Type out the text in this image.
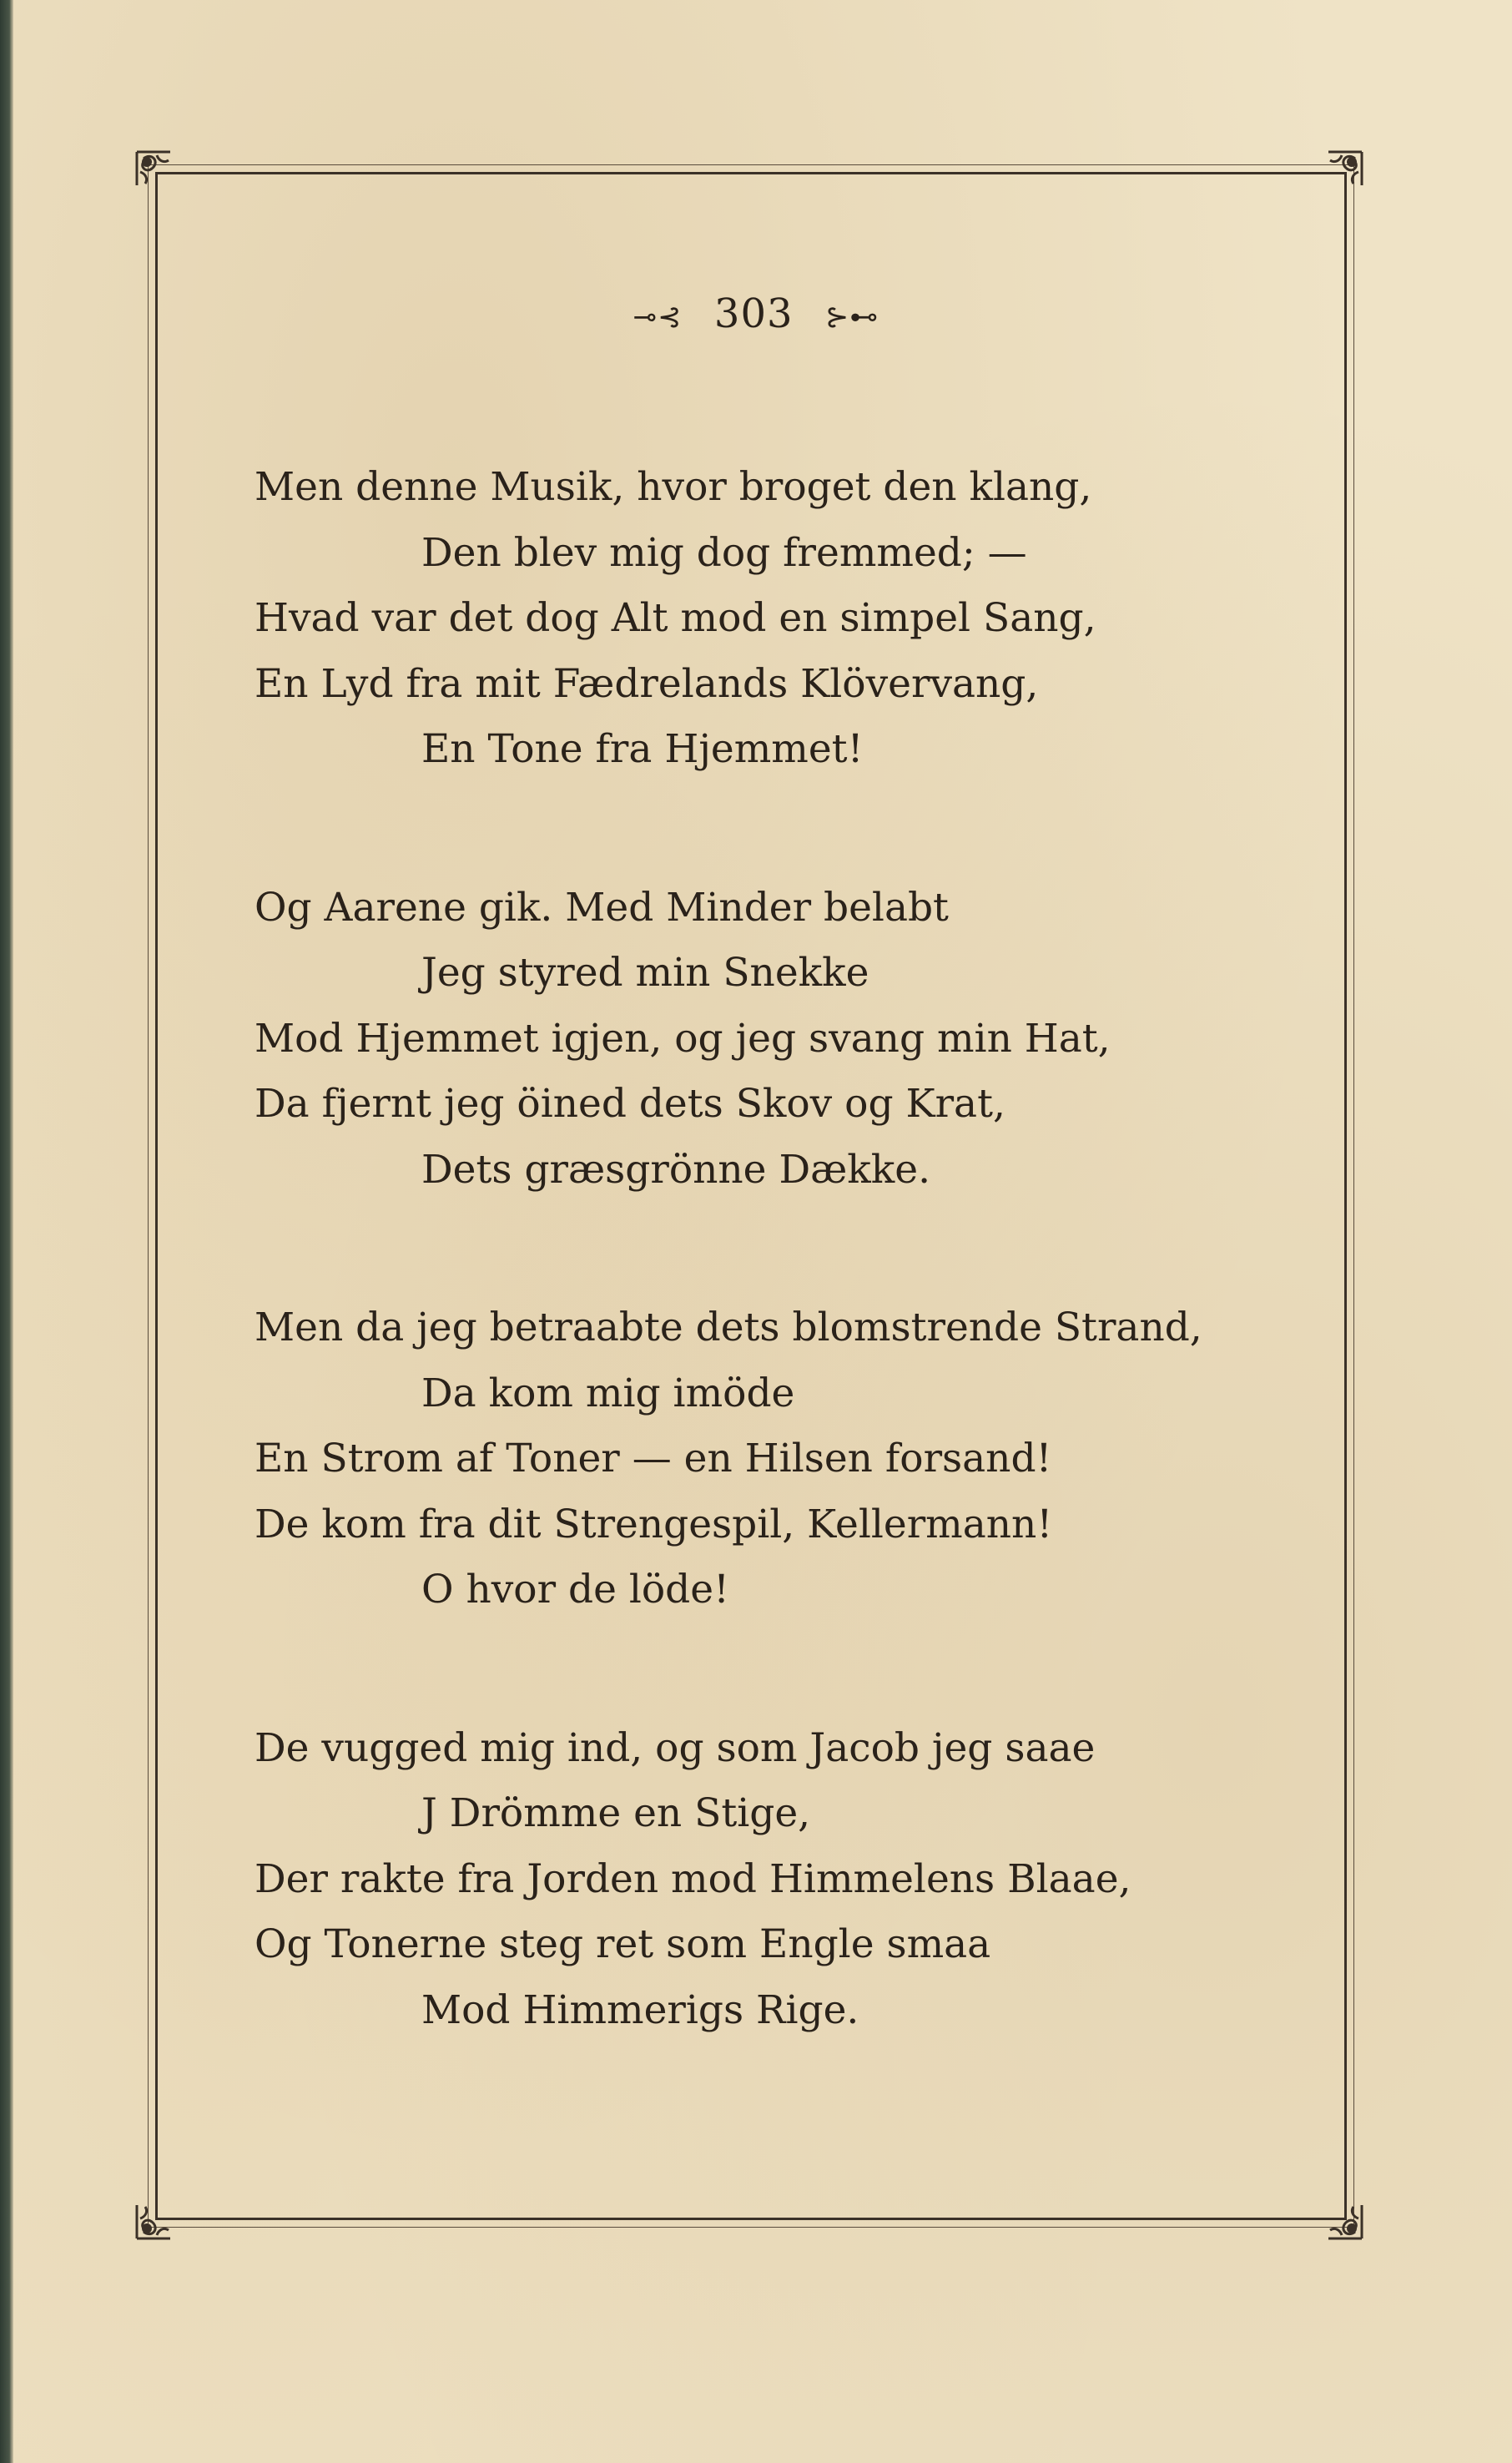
⊸⊰ 303 ⊱⊷
Men denne Musik, hvor broget den klang,
Den blev mig dog fremmed; —
Hvad var det dog Alt mod en simpel Sang,
En Lyd fra mit Fædrelands Klövervang,
En Tone fra Hjemmet!
Og Aarene gik. Med Minder belabt
Jeg styred min Snekke
Mod Hjemmet igjen, og jeg svang min Hat,
Da fjernt jeg öined dets Skov og Krat,
Dets græsgrönne Dække.
Men da jeg betraabte dets blomstrende Strand,
Da kom mig imöde
En Strom af Toner — en Hilsen forsand!
De kom fra dit Strengespil, Kellermann!
O hvor de löde!
De vugged mig ind, og som Jacob jeg saae
J Drömme en Stige,
Der rakte fra Jorden mod Himmelens Blaae,
Og Tonerne steg ret som Engle smaa
Mod Himmerigs Rige.
